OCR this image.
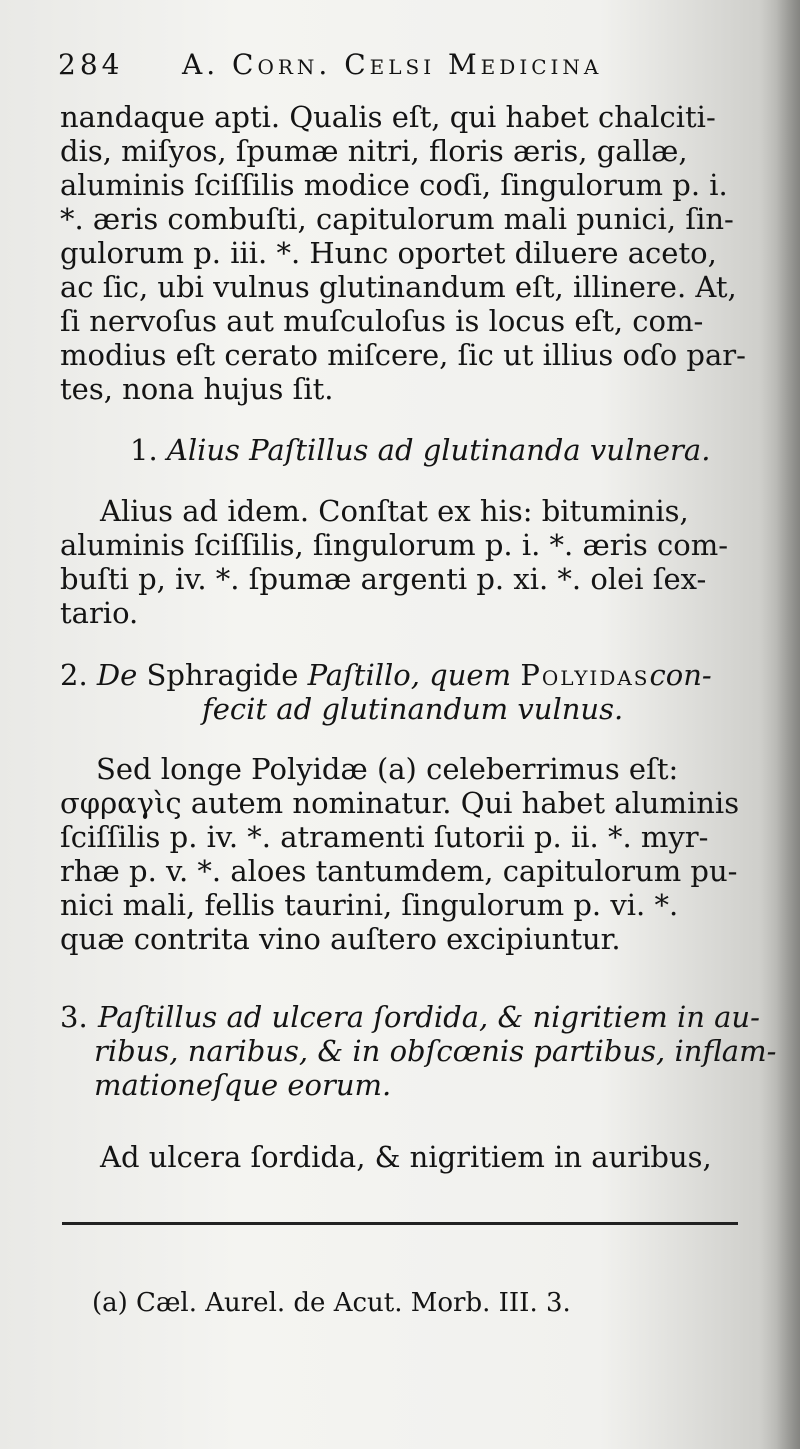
284 A. Corn. Celsi Medicina
nandaque apti. Qualis eſt, qui habet chalciti-
dis, miſyos, ſpumæ nitri, floris æris, gallæ,
aluminis ſciſſilis modice coɗi, ſingulorum p. i.
*. æris combuſti, capitulorum mali punici, ſin-
gulorum p. iii. *. Hunc oportet diluere aceto,
ac ſic, ubi vulnus glutinandum eſt, illinere. At,
ſi nervoſus aut muſculoſus is locus eſt, com-
modius eſt cerato miſcere, ſic ut illius oɗo par-
tes, nona hujus ſit.
1. Alius Paſtillus ad glutinanda vulnera.
Alius ad idem. Conſtat ex his: bituminis,
aluminis ſciſſilis, ſingulorum p. i. *. æris com-
buſti p, iv. *. ſpumæ argenti p. xi. *. olei ſex-
tario.
2. De Sphragide Paſtillo, quem Polyidascon-
fecit ad glutinandum vulnus.
Sed longe Polyidæ (a) celeberrimus eſt:
σφραγὶς autem nominatur. Qui habet aluminis
ſciſſilis p. iv. *. atramenti ſutorii p. ii. *. myr-
rhæ p. v. *. aloes tantumdem, capitulorum pu-
nici mali, fellis taurini, ſingulorum p. vi. *.
quæ contrita vino auſtero excipiuntur.
3. Paſtillus ad ulcera ſordida, & nigritiem in au-
ribus, naribus, & in obſcœnis partibus, inflam-
mationeſque eorum.
Ad ulcera ſordida, & nigritiem in auribus,
(a) Cæl. Aurel. de Acut. Morb. III. 3.
